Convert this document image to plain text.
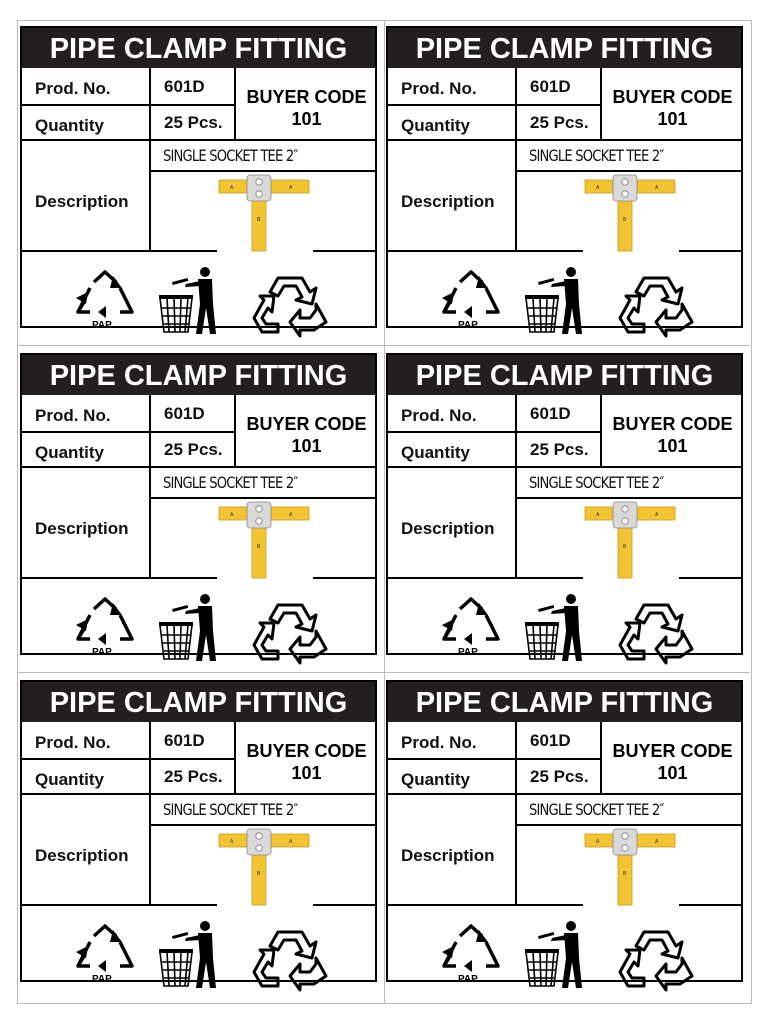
PIPE CLAMP FITTING
Prod. No.	601D
Quantity	25 Pcs.
BUYER CODE
101
Description
SINGLE SOCKET TEE 2″
A	A
B
PAP
PIPE CLAMP FITTING
Prod. No.	601D
Quantity	25 Pcs.
BUYER CODE
101
Description
SINGLE SOCKET TEE 2″
A	A
B
PAP
PIPE CLAMP FITTING
Prod. No.	601D
Quantity	25 Pcs.
BUYER CODE
101
Description
SINGLE SOCKET TEE 2″
A	A
B
PAP
PIPE CLAMP FITTING
Prod. No.	601D
Quantity	25 Pcs.
BUYER CODE
101
Description
SINGLE SOCKET TEE 2″
A	A
B
PAP
PIPE CLAMP FITTING
Prod. No.	601D
Quantity	25 Pcs.
BUYER CODE
101
Description
SINGLE SOCKET TEE 2″
A	A
B
PAP
PIPE CLAMP FITTING
Prod. No.	601D
Quantity	25 Pcs.
BUYER CODE
101
Description
SINGLE SOCKET TEE 2″
A	A
B
PAP
